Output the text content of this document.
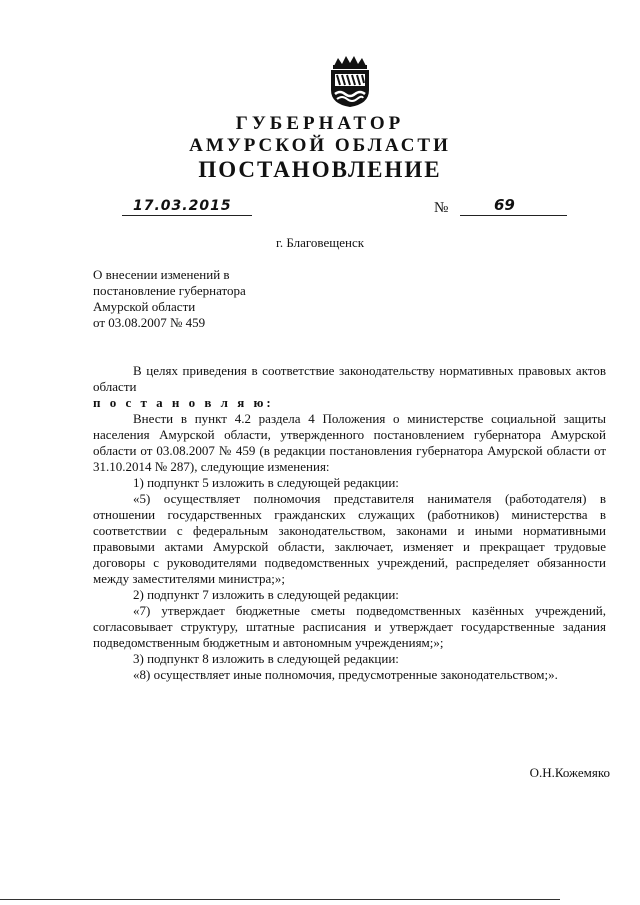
ГУБЕРНАТОР
АМУРСКОЙ ОБЛАСТИ
ПОСТАНОВЛЕНИЕ
17.03.2015	№	69
г. Благовещенск
О внесении изменений в
постановление губернатора
Амурской области
от 03.08.2007 № 459

В целях приведения в соответствие законодательству нормативных правовых актов области

п о с т а н о в л я ю:

Внести в пункт 4.2 раздела 4 Положения о министерстве социальной защиты населения Амурской области, утвержденного постановлением губернатора Амурской области от 03.08.2007 № 459 (в редакции постановления губернатора Амурской области от 31.10.2014 № 287), следующие изменения:

1) подпункт 5 изложить в следующей редакции:

«5) осуществляет полномочия представителя нанимателя (работодателя) в отношении государственных гражданских служащих (работников) министерства в соответствии с федеральным законодательством, законами и иными нормативными правовыми актами Амурской области, заключает, изменяет и прекращает трудовые договоры с руководителями подведомственных учреждений, распределяет обязанности между заместителями министра;»;

2) подпункт 7 изложить в следующей редакции:

«7) утверждает бюджетные сметы подведомственных казённых учреждений, согласовывает структуру, штатные расписания и утверждает государственные задания подведомственным бюджетным и автономным учреждениям;»;

3) подпункт 8 изложить в следующей редакции:

«8) осуществляет иные полномочия, предусмотренные законодательством;».

О.Н.Кожемяко
